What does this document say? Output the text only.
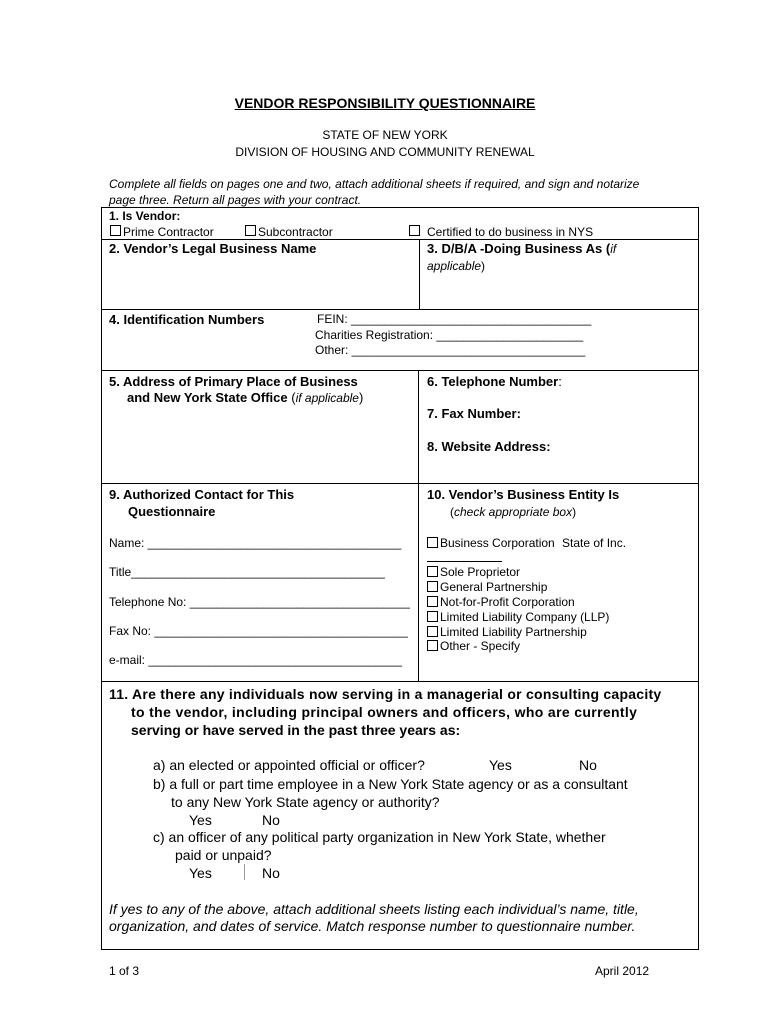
VENDOR RESPONSIBILITY QUESTIONNAIRE
STATE OF NEW YORK
DIVISION OF HOUSING AND COMMUNITY RENEWAL
Complete all fields on pages one and two, attach additional sheets if required, and sign and notarize
page three. Return all pages with your contract.
1. Is Vendor:
Prime Contractor	Subcontractor	Certified to do business in NYS
2. Vendor’s Legal Business Name	3. D/B/A -Doing Business As (if
applicable)
4. Identification Numbers	FEIN: ____________________________________
Charities Registration: ______________________
Other: ___________________________________
5. Address of Primary Place of Business
and New York State Office (if applicable)
6. Telephone Number:
7. Fax Number:
8. Website Address:
9. Authorized Contact for This
Questionnaire
Name: ______________________________________
Title______________________________________
Telephone No: _________________________________
Fax No: ______________________________________
e-mail: ______________________________________
10. Vendor’s Business Entity Is
(check appropriate box)
Business Corporation State of Inc.
Sole Proprietor
General Partnership
Not-for-Profit Corporation
Limited Liability Company (LLP)
Limited Liability Partnership
Other - Specify
11. Are there any individuals now serving in a managerial or consulting capacity
to the vendor, including principal owners and officers, who are currently
serving or have served in the past three years as:
a) an elected or appointed official or officer?	Yes	No
b) a full or part time employee in a New York State agency or as a consultant
to any New York State agency or authority?
Yes	No
c) an officer of any political party organization in New York State, whether
paid or unpaid?
Yes	No
If yes to any of the above, attach additional sheets listing each individual’s name, title,
organization, and dates of service. Match response number to questionnaire number.
1 of 3	April 2012
